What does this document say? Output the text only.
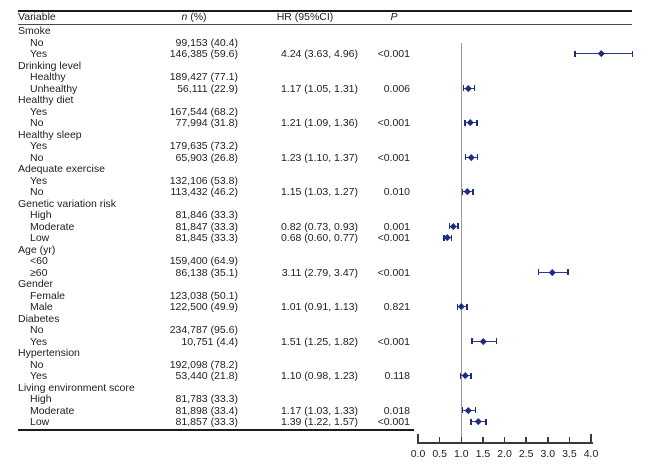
Variable	n (%)	HR (95%CI)	P
Smoke
No	99,153 (40.4)
Yes	146,385 (59.6)	4.24 (3.63, 4.96)	<0.001
Drinking level
Healthy	189,427 (77.1)
Unhealthy	56,111 (22.9)	1.17 (1.05, 1.31)	0.006
Healthy diet
Yes	167,544 (68.2)
No	77,994 (31.8)	1.21 (1.09, 1.36)	<0.001
Healthy sleep
Yes	179,635 (73.2)
No	65,903 (26.8)	1.23 (1.10, 1.37)	<0.001
Adequate exercise
Yes	132,106 (53.8)
No	113,432 (46.2)	1.15 (1.03, 1.27)	0.010
Genetic variation risk
High	81,846 (33.3)
Moderate	81,847 (33.3)	0.82 (0.73, 0.93)	0.001
Low	81,845 (33.3)	0.68 (0.60, 0.77)	<0.001
Age (yr)
<60	159,400 (64.9)
≥60	86,138 (35.1)	3.11 (2.79, 3.47)	<0.001
Gender
Female	123,038 (50.1)
Male	122,500 (49.9)	1.01 (0.91, 1.13)	0.821
Diabetes
No	234,787 (95.6)
Yes	10,751 (4.4)	1.51 (1.25, 1.82)	<0.001
Hypertension
No	192,098 (78.2)
Yes	53,440 (21.8)	1.10 (0.98, 1.23)	0.118
Living environment score
High	81,783 (33.3)
Moderate	81,898 (33.4)	1.17 (1.03, 1.33)	0.018
Low	81,857 (33.3)	1.39 (1.22, 1.57)	<0.001
0.0 0.5 1.0 1.5 2.0 2.5 3.0 3.5 4.0
